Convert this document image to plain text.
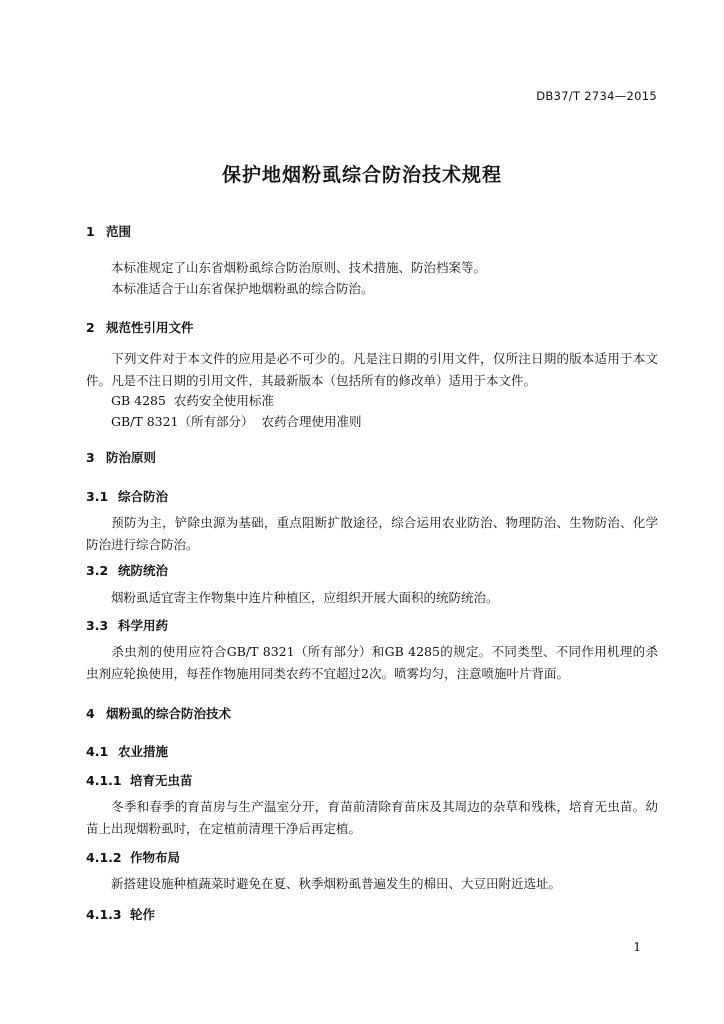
DB37/T 2734—2015
保护地烟粉虱综合防治技术规程
1 范围
本标准规定了山东省烟粉虱综合防治原则、技术措施、防治档案等。
本标准适合于山东省保护地烟粉虱的综合防治。
2 规范性引用文件
下列文件对于本文件的应用是必不可少的。凡是注日期的引用文件，仅所注日期的版本适用于本文件。凡是不注日期的引用文件，其最新版本（包括所有的修改单）适用于本文件。
GB 4285  农药安全使用标准
GB/T 8321（所有部分）  农药合理使用准则
3 防治原则
3.1 综合防治
预防为主，铲除虫源为基础，重点阻断扩散途径，综合运用农业防治、物理防治、生物防治、化学防治进行综合防治。
3.2 统防统治
烟粉虱适宜寄主作物集中连片种植区，应组织开展大面积的统防统治。
3.3 科学用药
杀虫剂的使用应符合GB/T 8321（所有部分）和GB 4285的规定。不同类型、不同作用机理的杀虫剂应轮换使用，每茬作物施用同类农药不宜超过2次。喷雾均匀，注意喷施叶片背面。
4 烟粉虱的综合防治技术
4.1 农业措施
4.1.1 培育无虫苗
冬季和春季的育苗房与生产温室分开，育苗前清除育苗床及其周边的杂草和残株，培育无虫苗。幼苗上出现烟粉虱时，在定植前清理干净后再定植。
4.1.2 作物布局
新搭建设施种植蔬菜时避免在夏、秋季烟粉虱普遍发生的棉田、大豆田附近选址。
4.1.3 轮作
1
